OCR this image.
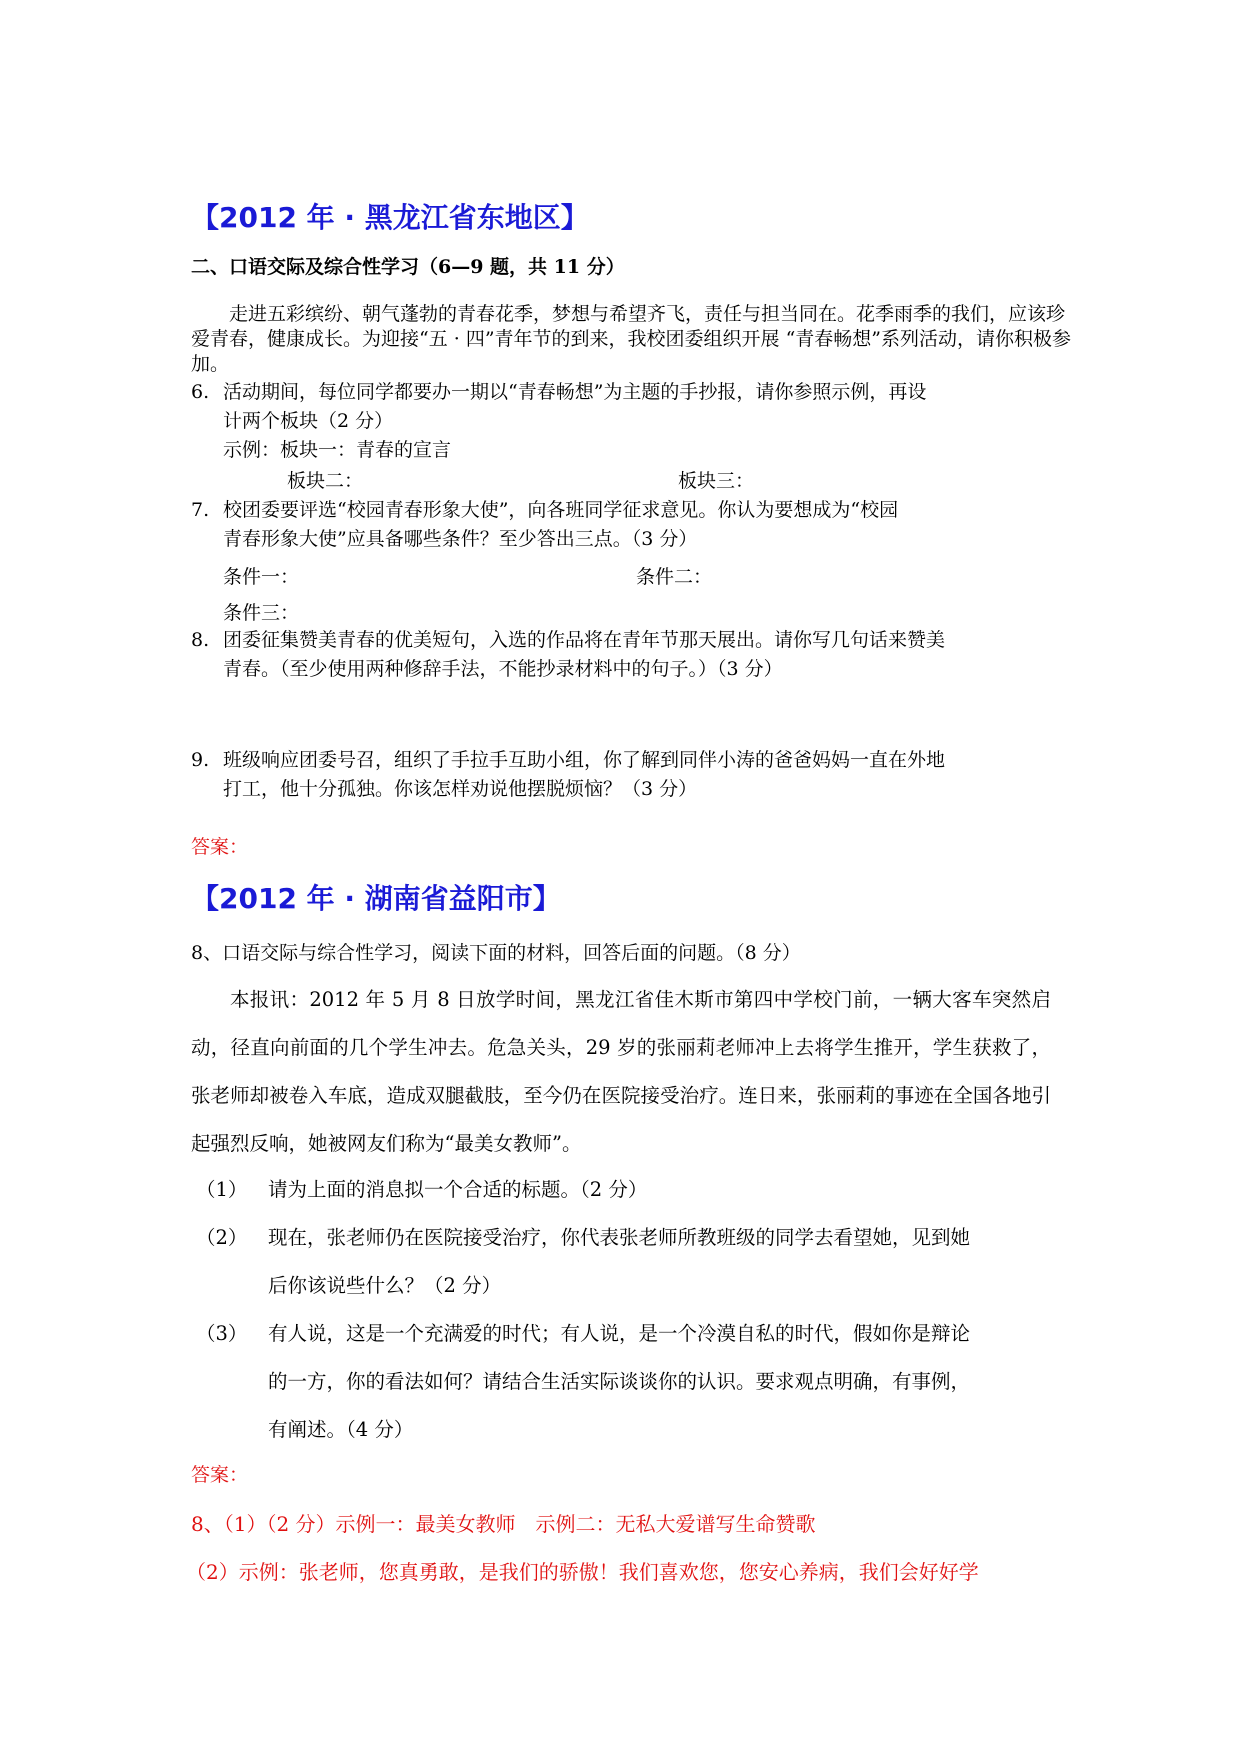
【2012 年 · 黑龙江省东地区】
二、口语交际及综合性学习（6—9 题，共 11 分）

走进五彩缤纷、朝气蓬勃的青春花季，梦想与希望齐飞，责任与担当同在。花季雨季的我们，应该珍爱青春，健康成长。为迎接“五 · 四”青年节的到来，我校团委组织开展 “青春畅想”系列活动，请你积极参加。

6. 活动期间，每位同学都要办一期以“青春畅想”为主题的手抄报，请你参照示例，再设
计两个板块（2 分）
示例：板块一：青春的宣言
板块二：	板块三：
7. 校团委要评选“校园青春形象大使”，向各班同学征求意见。你认为要想成为“校园
青春形象大使”应具备哪些条件？至少答出三点。（3 分）
条件一：	条件二：
条件三：
8. 团委征集赞美青春的优美短句，入选的作品将在青年节那天展出。请你写几句话来赞美
青春。（至少使用两种修辞手法，不能抄录材料中的句子。）（3 分）
9. 班级响应团委号召，组织了手拉手互助小组，你了解到同伴小涛的爸爸妈妈一直在外地
打工，他十分孤独。你该怎样劝说他摆脱烦恼？（3 分）
答案：
【2012 年 · 湖南省益阳市】
8、口语交际与综合性学习，阅读下面的材料，回答后面的问题。（8 分）

本报讯：2012 年 5 月 8 日放学时间，黑龙江省佳木斯市第四中学校门前，一辆大客车突然启动，径直向前面的几个学生冲去。危急关头，29 岁的张丽莉老师冲上去将学生推开，学生获救了，张老师却被卷入车底，造成双腿截肢，至今仍在医院接受治疗。连日来，张丽莉的事迹在全国各地引起强烈反响，她被网友们称为“最美女教师”。

（1） 请为上面的消息拟一个合适的标题。（2 分）
（2） 现在，张老师仍在医院接受治疗，你代表张老师所教班级的同学去看望她，见到她
后你该说些什么？（2 分）
（3） 有人说，这是一个充满爱的时代；有人说，是一个冷漠自私的时代，假如你是辩论
的一方，你的看法如何？请结合生活实际谈谈你的认识。要求观点明确，有事例，
有阐述。（4 分）
答案：
8、（1）（2 分）示例一：最美女教师　示例二：无私大爱谱写生命赞歌
（2）示例：张老师，您真勇敢，是我们的骄傲！我们喜欢您，您安心养病，我们会好好学
